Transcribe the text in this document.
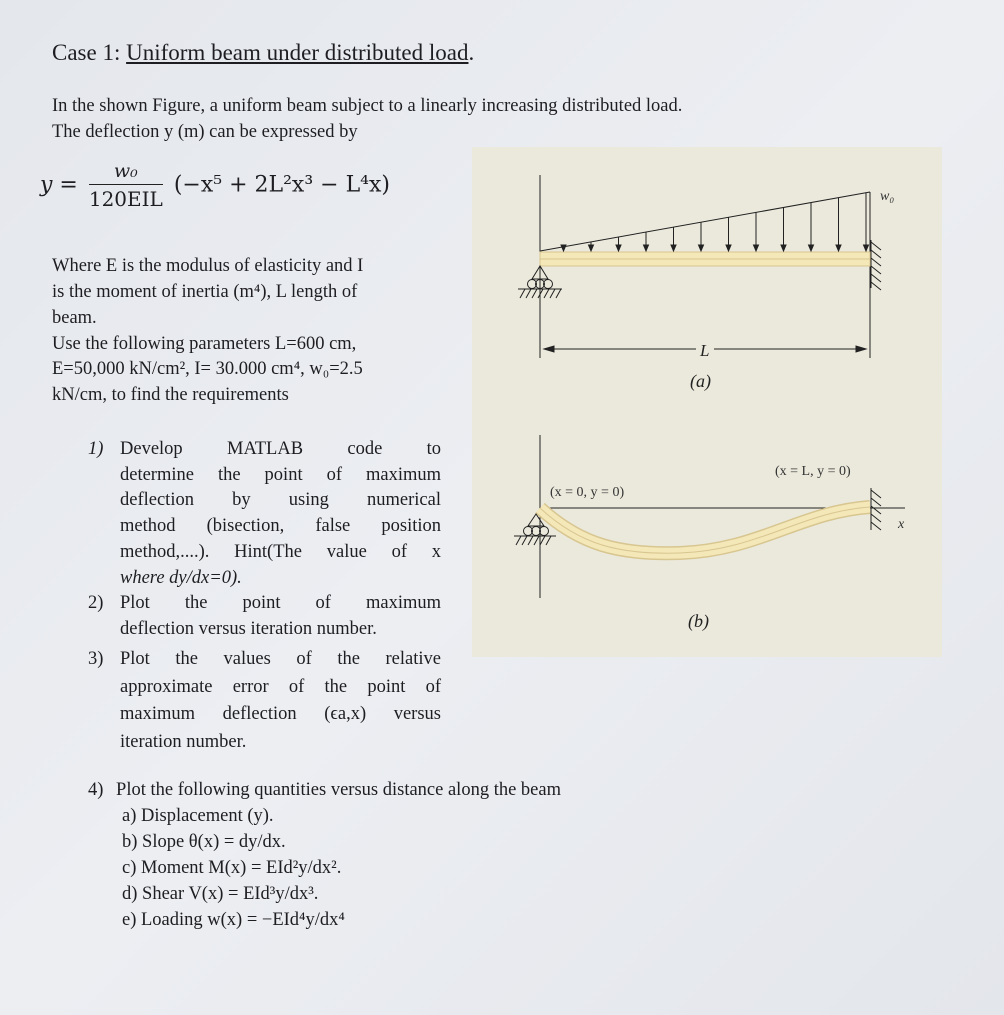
w₀
L
(a)
(x = 0, y = 0)
(x = L, y = 0)
x
(b)
Case 1: Uniform beam under distributed load.
In the shown Figure, a uniform beam subject to a linearly increasing distributed load.
The deflection y (m) can be expressed by
$y = \frac{\text{w₀}}{\text{120EIL}} (-x^5 + 2L^2x^3 - L^4x)$
Where E is the modulus of elasticity and I
is the moment of inertia (m⁴), L length of
beam.
Use the following parameters L=600 cm,
E=50,000 kN/cm², I= 30.000 cm⁴, w₀=2.5
kN/cm, to find the requirements
1) Develop MATLAB code to
determine the point of maximum
deflection by using numerical
method (bisection, false position
method,....). Hint(The value of x
where dy/dx=0).
2) Plot the point of maximum
deflection versus iteration number.
3) Plot the values of the relative
approximate error of the point of
maximum deflection (ϵa,x) versus
iteration number.
4) Plot the following quantities versus distance along the beam
a) Displacement (y).
b) Slope θ(x) = dy/dx.
c) Moment M(x) = EId²y/dx².
d) Shear V(x) = EId³y/dx³.
e) Loading w(x) = −EId⁴y/dx⁴
